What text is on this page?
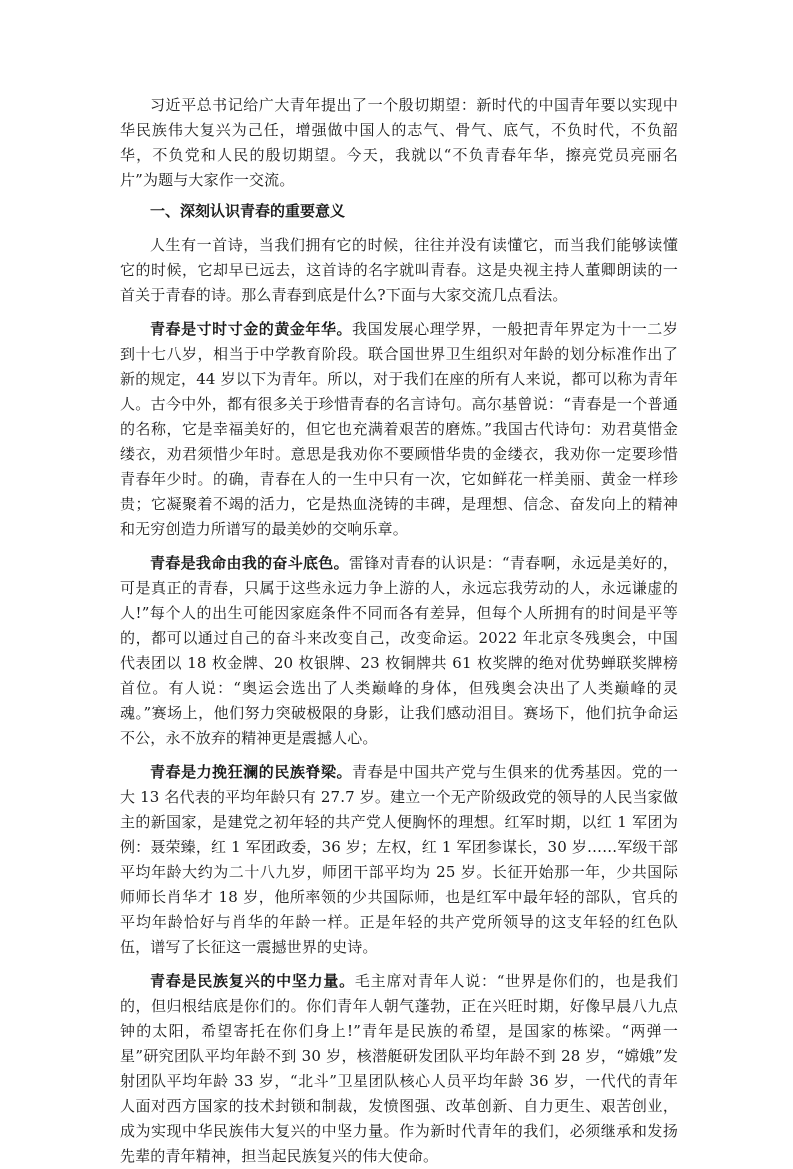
习近平总书记给广大青年提出了一个殷切期望：新时代的中国青年要以实现中华民族伟大复兴为己任，增强做中国人的志气、骨气、底气，不负时代，不负韶华，不负党和人民的殷切期望。今天，我就以“不负青春年华，擦亮党员亮丽名片”为题与大家作一交流。

一、深刻认识青春的重要意义

人生有一首诗，当我们拥有它的时候，往往并没有读懂它，而当我们能够读懂它的时候，它却早已远去，这首诗的名字就叫青春。这是央视主持人董卿朗读的一首关于青春的诗。那么青春到底是什么?下面与大家交流几点看法。

青春是寸时寸金的黄金年华。我国发展心理学界，一般把青年界定为十一二岁到十七八岁，相当于中学教育阶段。联合国世界卫生组织对年龄的划分标准作出了新的规定，44 岁以下为青年。所以，对于我们在座的所有人来说，都可以称为青年人。古今中外，都有很多关于珍惜青春的名言诗句。高尔基曾说：“青春是一个普通的名称，它是幸福美好的，但它也充满着艰苦的磨炼。”我国古代诗句：劝君莫惜金缕衣，劝君须惜少年时。意思是我劝你不要顾惜华贵的金缕衣，我劝你一定要珍惜青春年少时。的确，青春在人的一生中只有一次，它如鲜花一样美丽、黄金一样珍贵；它凝聚着不竭的活力，它是热血浇铸的丰碑，是理想、信念、奋发向上的精神和无穷创造力所谱写的最美妙的交响乐章。

青春是我命由我的奋斗底色。雷锋对青春的认识是：“青春啊，永远是美好的，可是真正的青春，只属于这些永远力争上游的人，永远忘我劳动的人，永远谦虚的人!”每个人的出生可能因家庭条件不同而各有差异，但每个人所拥有的时间是平等的，都可以通过自己的奋斗来改变自己，改变命运。2022 年北京冬残奥会，中国代表团以 18 枚金牌、20 枚银牌、23 枚铜牌共 61 枚奖牌的绝对优势蝉联奖牌榜首位。有人说：“奥运会选出了人类巅峰的身体，但残奥会决出了人类巅峰的灵魂。”赛场上，他们努力突破极限的身影，让我们感动泪目。赛场下，他们抗争命运不公，永不放弃的精神更是震撼人心。

青春是力挽狂澜的民族脊梁。青春是中国共产党与生俱来的优秀基因。党的一大 13 名代表的平均年龄只有 27.7 岁。建立一个无产阶级政党的领导的人民当家做主的新国家，是建党之初年轻的共产党人便胸怀的理想。红军时期，以红 1 军团为例：聂荣臻，红 1 军团政委，36 岁；左权，红 1 军团参谋长，30 岁……军级干部平均年龄大约为二十八九岁，师团干部平均为 25 岁。长征开始那一年，少共国际师师长肖华才 18 岁，他所率领的少共国际师，也是红军中最年轻的部队，官兵的平均年龄恰好与肖华的年龄一样。正是年轻的共产党所领导的这支年轻的红色队伍，谱写了长征这一震撼世界的史诗。

青春是民族复兴的中坚力量。毛主席对青年人说：“世界是你们的，也是我们的，但归根结底是你们的。你们青年人朝气蓬勃，正在兴旺时期，好像早晨八九点钟的太阳，希望寄托在你们身上!”青年是民族的希望，是国家的栋梁。“两弹一星”研究团队平均年龄不到 30 岁，核潜艇研发团队平均年龄不到 28 岁，“嫦娥”发射团队平均年龄 33 岁，“北斗”卫星团队核心人员平均年龄 36 岁，一代代的青年人面对西方国家的技术封锁和制裁，发愤图强、改革创新、自力更生、艰苦创业，成为实现中华民族伟大复兴的中坚力量。作为新时代青年的我们，必须继承和发扬先辈的青年精神，担当起民族复兴的伟大使命。
